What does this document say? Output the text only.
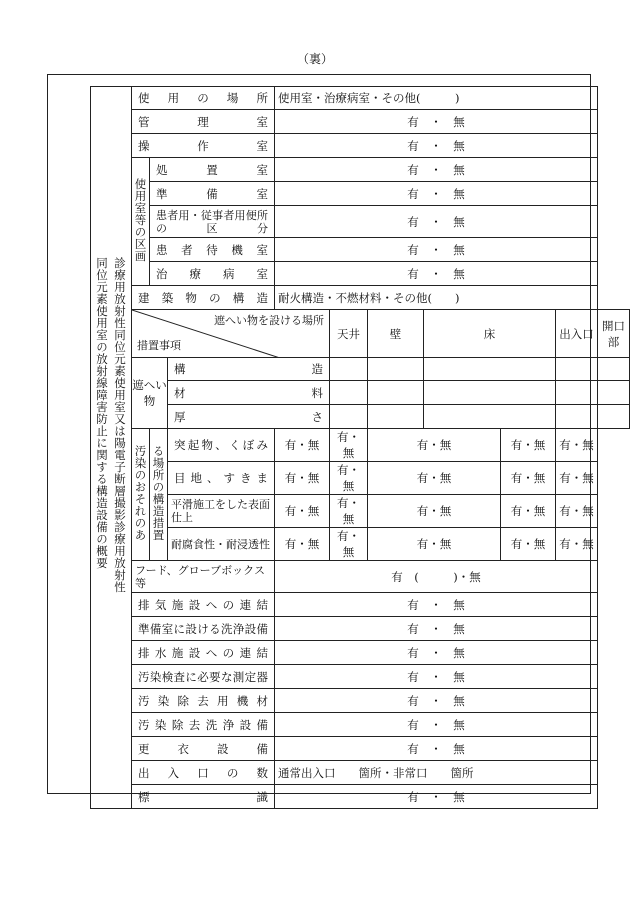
（裏）
診療用放射性同位元素使用室又は陽電子断層撮影診療用放射性
同位元素使用室の放射線障害防止に関する構造設備の概要	使用の場所			使用室・治療病室・その他(　　　)						
	管理室			有　・　無						
	操作室			有　・　無						
	使用室等の区画	処置室		有　・　無						
		準備室		有　・　無						
		患者用・従事者用便所の区分		有　・　無						
		患者待機室		有　・　無						
		治療病室		有　・　無						
	建築物の構造			耐火構造・不燃材料・その他(　　)						

	遮へい物を設ける場所
措置事項				天井	壁	床		出入口	開口部
	遮へい物		構造							
			材料							
			厚さ							
	汚染のおそれのあ	る場所の構造措置	突起物、くぼみ	有・無	有・無	有・無		有・無	有・無	
			目地、すきま	有・無	有・無	有・無		有・無	有・無	
			平滑施工をした表面仕上	有・無	有・無	有・無		有・無	有・無	
			耐腐食性・耐浸透性	有・無	有・無	有・無		有・無	有・無	
	フード、グローブボックス等			有　(　　　)・無						
	排気施設への連結			有　・　無						
	準備室に設ける洗浄設備			有　・　無						
	排水施設への連結			有　・　無						
	汚染検査に必要な測定器			有　・　無						
	汚染除去用機材			有　・　無						
	汚染除去洗浄設備			有　・　無						
	更衣設備			有　・　無						
	出入口の数			通常出入口　　箇所・非常口　　箇所						
	標識			有　・　無						
